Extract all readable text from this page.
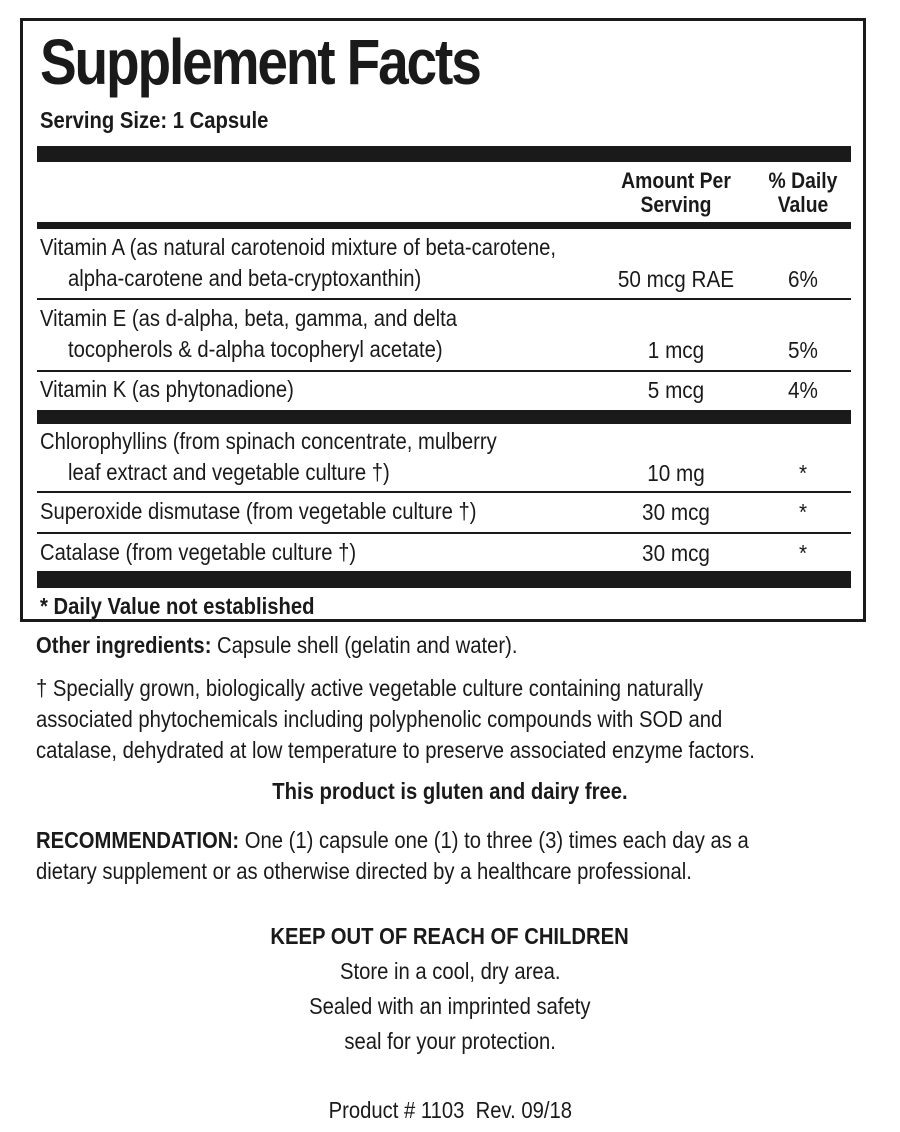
Supplement Facts
Serving Size: 1 Capsule
Amount Per
Serving
% Daily
Value
Vitamin A (as natural carotenoid mixture of beta-carotene,
alpha-carotene and beta-cryptoxanthin)	50 mcg RAE	6%
Vitamin E (as d-alpha, beta, gamma, and delta
tocopherols & d-alpha tocopheryl acetate)	1 mcg	5%
Vitamin K (as phytonadione)	5 mcg	4%
Chlorophyllins (from spinach concentrate, mulberry
leaf extract and vegetable culture †)	10 mg	*
Superoxide dismutase (from vegetable culture †)	30 mcg	*
Catalase (from vegetable culture †)	30 mcg	*
* Daily Value not established
Other ingredients: Capsule shell (gelatin and water).
† Specially grown, biologically active vegetable culture containing naturally
associated phytochemicals including polyphenolic compounds with SOD and
catalase, dehydrated at low temperature to preserve associated enzyme factors.
This product is gluten and dairy free.
RECOMMENDATION: One (1) capsule one (1) to three (3) times each day as a
dietary supplement or as otherwise directed by a healthcare professional.
KEEP OUT OF REACH OF CHILDREN
Store in a cool, dry area.
Sealed with an imprinted safety
seal for your protection.
Product # 1103  Rev. 09/18
